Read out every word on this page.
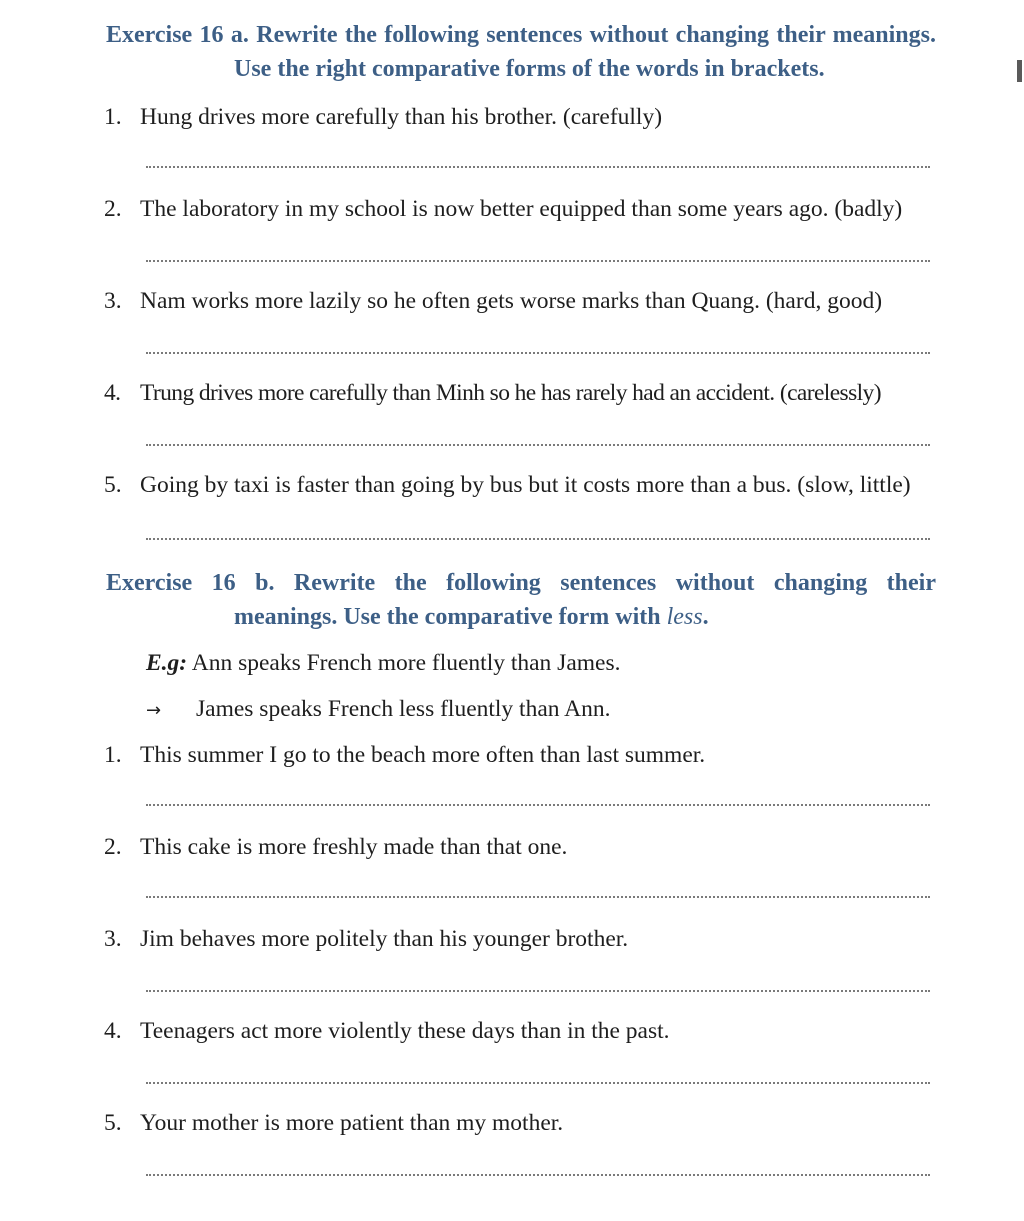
Exercise 16 a. Rewrite the following sentences without changing their meanings.
Use the right comparative forms of the words in brackets.
1. Hung drives more carefully than his brother. (carefully)
2. The laboratory in my school is now better equipped than some years ago. (badly)
3. Nam works more lazily so he often gets worse marks than Quang. (hard, good)
4. Trung drives more carefully than Minh so he has rarely had an accident. (carelessly)
5. Going by taxi is faster than going by bus but it costs more than a bus. (slow, little)
Exercise 16 b. Rewrite the following sentences without changing their
meanings. Use the comparative form with less.
E.g: Ann speaks French more fluently than James.
→ James speaks French less fluently than Ann.
1. This summer I go to the beach more often than last summer.
2. This cake is more freshly made than that one.
3. Jim behaves more politely than his younger brother.
4. Teenagers act more violently these days than in the past.
5. Your mother is more patient than my mother.
